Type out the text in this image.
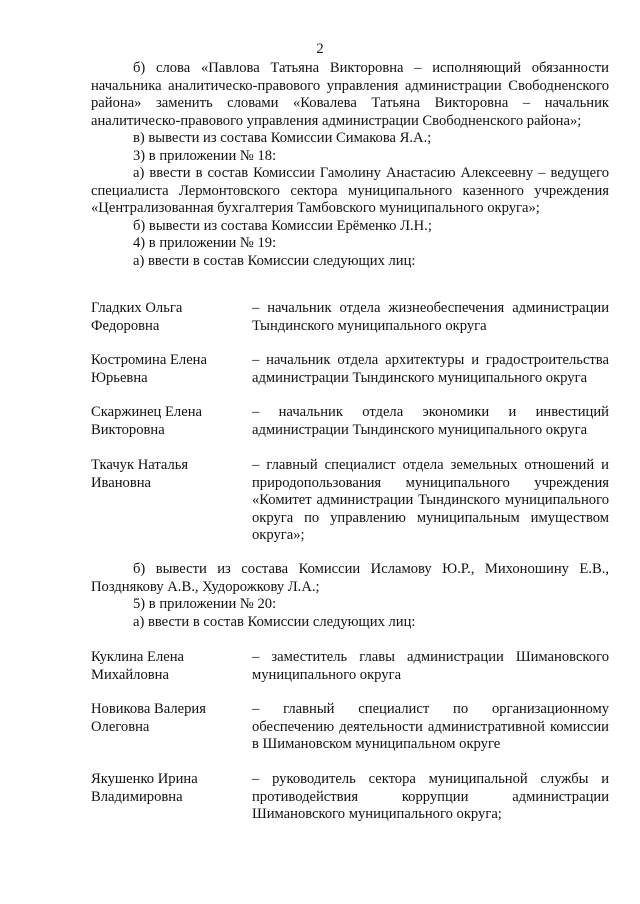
2

б) слова «Павлова Татьяна Викторовна – исполняющий обязанности начальника аналитическо-правового управления администрации Свободненского района» заменить словами «Ковалева Татьяна Викторовна – начальник аналитическо-правового управления администрации Свободненского района»;

в) вывести из состава Комиссии Симакова Я.А.;

3) в приложении № 18:

а) ввести в состав Комиссии Гамолину Анастасию Алексеевну – ведущего специалиста Лермонтовского сектора муниципального казенного учреждения «Централизованная бухгалтерия Тамбовского муниципального округа»;

б) вывести из состава Комиссии Ерёменко Л.Н.;

4) в приложении № 19:

а) ввести в состав Комиссии следующих лиц:

Гладких Ольга Федоровна
– начальник отдела жизнеобеспечения администрации Тындинского муниципального округа
Костромина Елена Юрьевна
– начальник отдела архитектуры и градостроительства администрации Тындинского муниципального округа
Скаржинец Елена Викторовна
– начальник отдела экономики и инвестиций администрации Тындинского муниципального округа
Ткачук Наталья Ивановна
– главный специалист отдела земельных отношений и природопользования муниципального учреждения «Комитет администрации Тындинского муниципального округа по управлению муниципальным имуществом округа»;

б) вывести из состава Комиссии Исламову Ю.Р., Михоношину Е.В., Позднякову А.В., Худорожкову Л.А.;

5) в приложении № 20:

а) ввести в состав Комиссии следующих лиц:

Куклина Елена Михайловна
– заместитель главы администрации Шимановского муниципального округа
Новикова Валерия Олеговна
– главный специалист по организационному обеспечению деятельности административной комиссии в Шимановском муниципальном округе
Якушенко Ирина Владимировна
– руководитель сектора муниципальной службы и противодействия коррупции администрации Шимановского муниципального округа;
